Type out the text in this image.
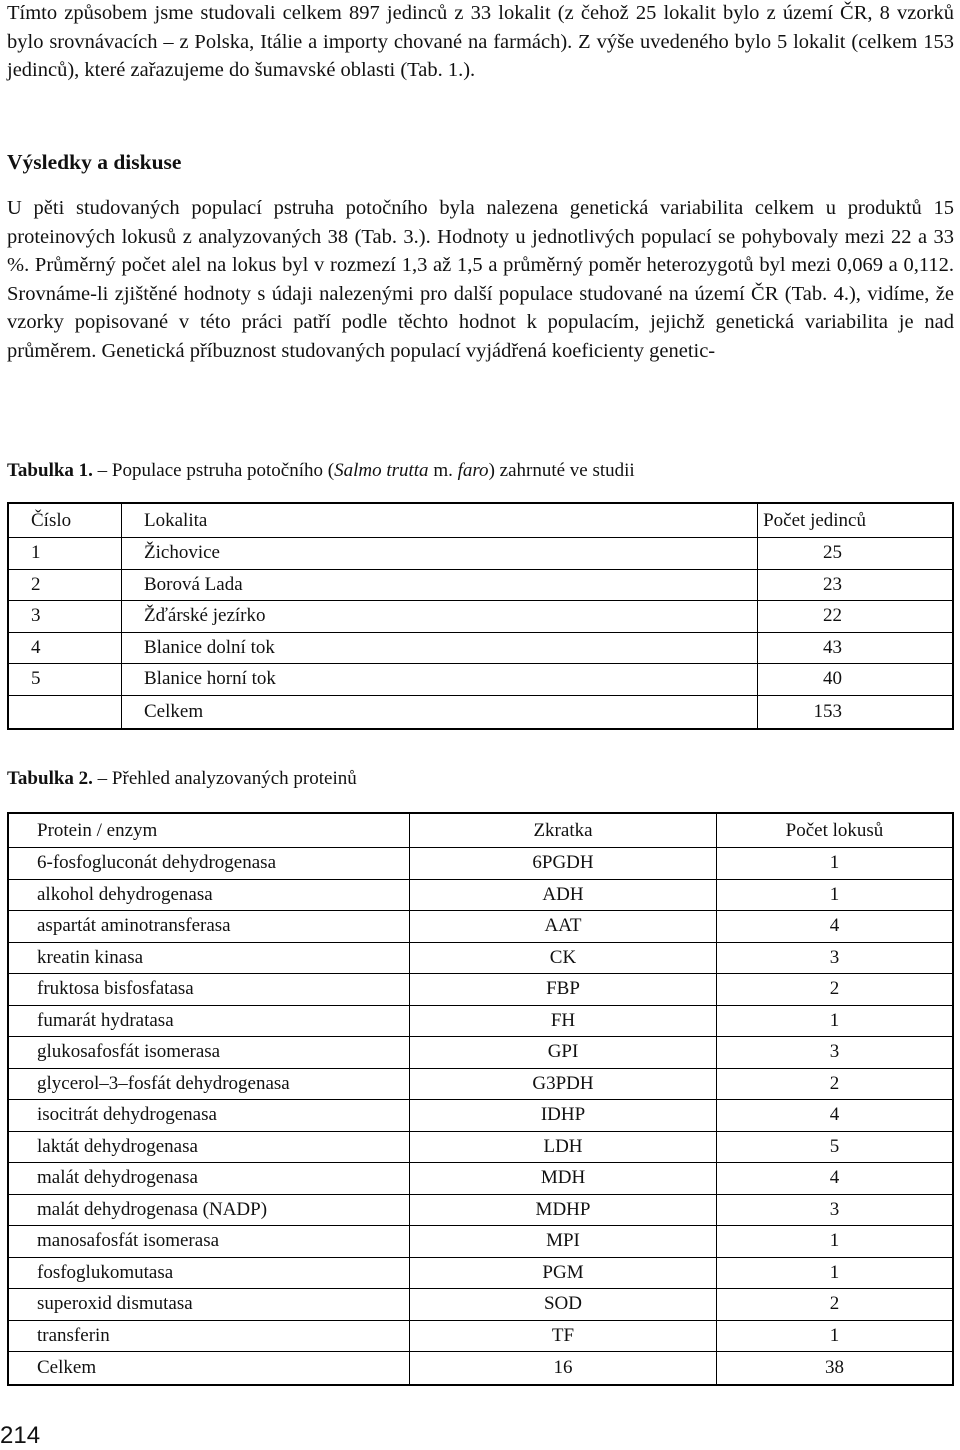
Tímto způsobem jsme studovali celkem 897 jedinců z 33 lokalit (z čehož 25 lokalit bylo z území ČR, 8 vzorků bylo srovnávacích – z Polska, Itálie a importy chované na farmách). Z výše uvedeného bylo 5 lokalit (celkem 153 jedinců), které zařazujeme do šumavské oblasti (Tab. 1.).

Výsledky a diskuse

U pěti studovaných populací pstruha potočního byla nalezena genetická variabilita celkem u produktů 15 proteinových lokusů z analyzovaných 38 (Tab. 3.). Hodnoty u jednotlivých populací se pohybovaly mezi 22 a 33 %. Průměrný počet alel na lokus byl v rozmezí 1,3 až 1,5 a průměrný poměr heterozygotů byl mezi 0,069 a 0,112. Srovnáme-li zjištěné hodnoty s údaji nalezenými pro další populace studované na území ČR (Tab. 4.), vidíme, že vzorky popisované v této práci patří podle těchto hodnot k populacím, jejichž genetická variabilita je nad průměrem. Genetická příbuznost studovaných populací vyjádřená koeficienty genetic-

Tabulka 1. – Populace pstruha potočního (Salmo trutta m. faro) zahrnuté ve studii

Číslo	Lokalita	Počet jedinců
1	Žichovice	25
2	Borová Lada	23
3	Žďárské jezírko	22
4	Blanice dolní tok	43
5	Blanice horní tok	40
	Celkem	153

Tabulka 2. – Přehled analyzovaných proteinů

Protein / enzym	Zkratka	Počet lokusů
6-fosfogluconát dehydrogenasa	6PGDH	1
alkohol dehydrogenasa	ADH	1
aspartát aminotransferasa	AAT	4
kreatin kinasa	CK	3
fruktosa bisfosfatasa	FBP	2
fumarát hydratasa	FH	1
glukosafosfát isomerasa	GPI	3
glycerol–3–fosfát dehydrogenasa	G3PDH	2
isocitrát dehydrogenasa	IDHP	4
laktát dehydrogenasa	LDH	5
malát dehydrogenasa	MDH	4
malát dehydrogenasa (NADP)	MDHP	3
manosafosfát isomerasa	MPI	1
fosfoglukomutasa	PGM	1
superoxid dismutasa	SOD	2
transferin	TF	1
Celkem	16	38

214
